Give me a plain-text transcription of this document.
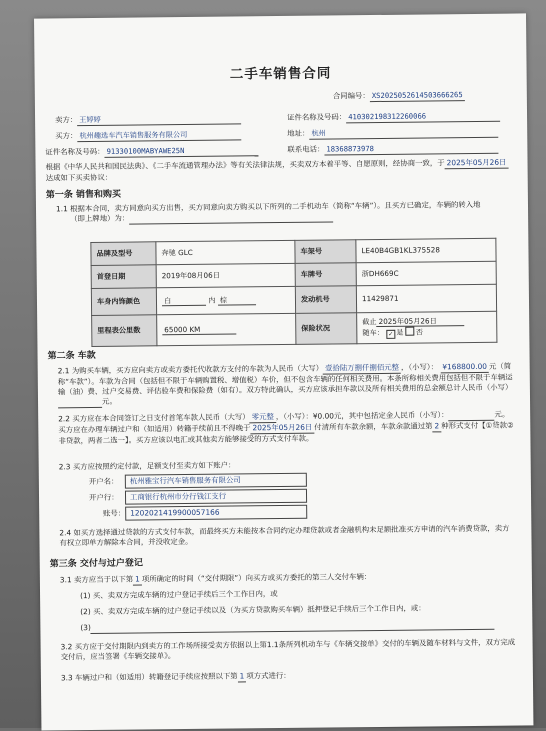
二手车销售合同
合同编号： XS2025052614503666265
卖方： 王婷婷	证件名称及号码： 410302198312260066
买方： 杭州趣选车汽车销售服务有限公司	地址： 杭州
证件名称及号码： 91330100MABYAWE25N	联系电话： 18368873978
根据《中华人民共和国民法典》、《二手车流通管理办法》等有关法律法规，买卖双方本着平等、自愿原则，经协商一致，于 2025年05月26日达成如下买卖协议：
第一条 销售和购买
1.1 根据本合同，卖方同意向买方出售，买方同意向卖方购买以下所列的二手机动车（简称“车辆”）。且买方已确定，车辆的转入地
（即上牌地）为：
品牌及型号	奔驰 GLC	车架号	LE40B4GB1KL375528
首登日期	2019年08月06日	车牌号	浙DH669C
车身内饰颜色	白 内 棕	发动机号	11429871
里程表公里数	65000 KM	保险状况	截止 2025年05月26日
随车： ✓ 是 否
第二条 车款
2.1 为购买车辆，买方应向卖方或卖方委托代收款方支付的车款为人民币（大写） 壹拾陆万捌仟捌佰元整 ，（小写）： ¥168800.00 元（简称“车款”）。车款为合同（包括但不限于车辆购置税、增值税）车价，但不包含车辆的任何相关费用。本条所称相关费用包括但不限于车辆运输（油）费、过户交易费、评估验车费和保险费（如有）。双方特此确认，买方应该承担车款以及所有相关费用的总金额总计人民币（小写） 元。
2.2 买方应在本合同签订之日支付首笔车款人民币（大写） 零元整 ，（小写）：¥0.00元，其中包括定金人民币（小写）：	元。买方应在办理车辆过户和（如适用）转籍手续前且不得晚于 2025年05月26日 付清所有车款余额，车款余款通过第 2 种形式支付【①贷款②非贷款，两者二选一】。买方应该以电汇或其他卖方能够接受的方式支付车款。
2.3 买方应按照约定付款，足额支付至卖方如下账户：
开户名： 杭州雅宝行汽车销售服务有限公司
开户行： 工商银行杭州市分行钱江支行
账号： 1202021419900057166
2.4 如买方选择通过贷款的方式支付车款，而最终买方未能按本合同约定办理贷款或者金融机构未足额批准买方申请的汽车消费贷款，卖方有权立即单方解除本合同，并没收定金。
第三条 交付与过户登记
3.1 卖方应当于以下第 1 项所确定的时间（“交付期限”）向买方或买方委托的第三人交付车辆：
(1) 买、卖双方完成车辆的过户登记手续后三个工作日内，或
(2) 买、卖双方完成车辆的过户登记手续以及（为买方贷款购买车辆）抵押登记手续后三个工作日内，或：
(3)
3.2 买方应于交付期限内到卖方的工作场所接受卖方依据以上第1.1条所列机动车与《车辆交接单》交付的车辆及随车材料与文件，双方完成交付后，应当签署《车辆交接单》。
3.3 车辆过户和（如适用）转籍登记手续应按照以下第 1 项方式进行：
